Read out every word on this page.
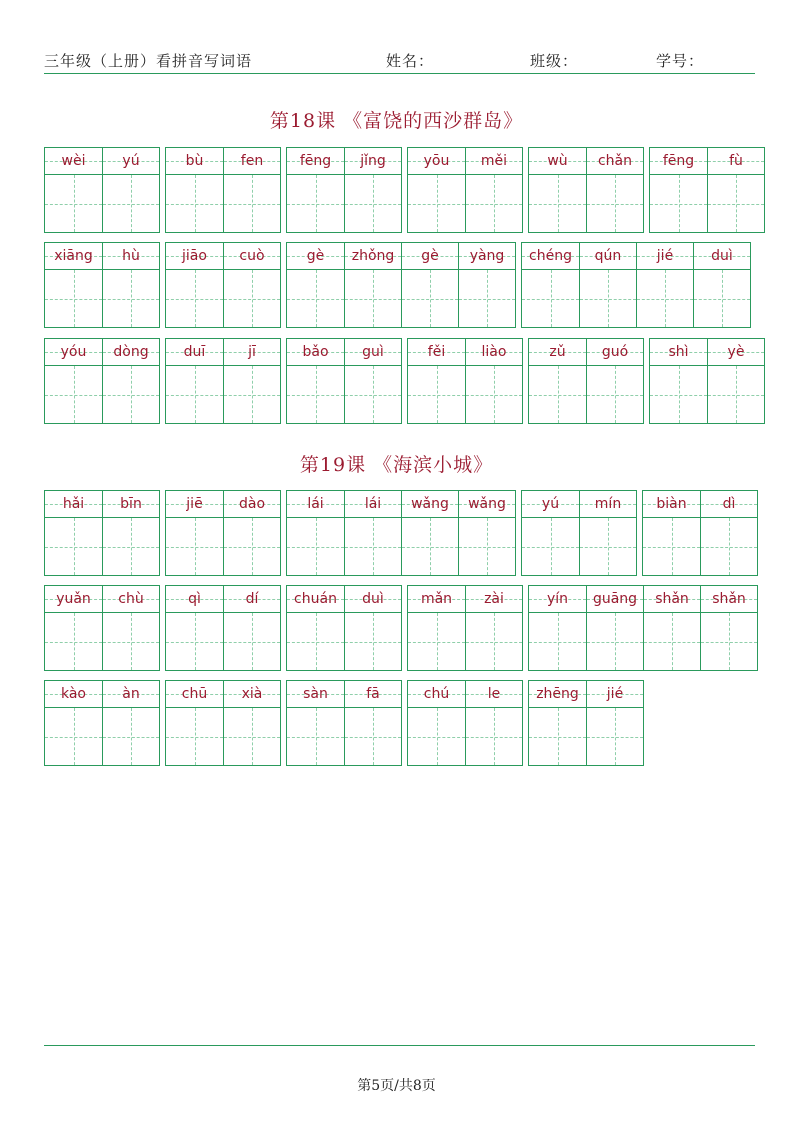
三年级（上册）看拼音写词语	姓名：	班级：	学号：
第18课 《富饶的西沙群岛》
wèi	yú	bù	fen	fēng	jǐng	yōu	měi	wù	chǎn	fēng	fù
xiāng	hù	jiāo	cuò	gè	zhǒng	gè	yàng	chéng	qún	jié	duì
yóu	dòng	duī	jī	bǎo	guì	fěi	liào	zǔ	guó	shì	yè
第19课 《海滨小城》
hǎi	bīn	jiē	dào	lái	lái	wǎng	wǎng	yú	mín	biàn	dì
yuǎn	chù	qì	dí	chuán	duì	mǎn	zài	yín	guāng	shǎn	shǎn
kào	àn	chū	xià	sàn	fā	chú	le	zhēng	jié
第5页/共8页
